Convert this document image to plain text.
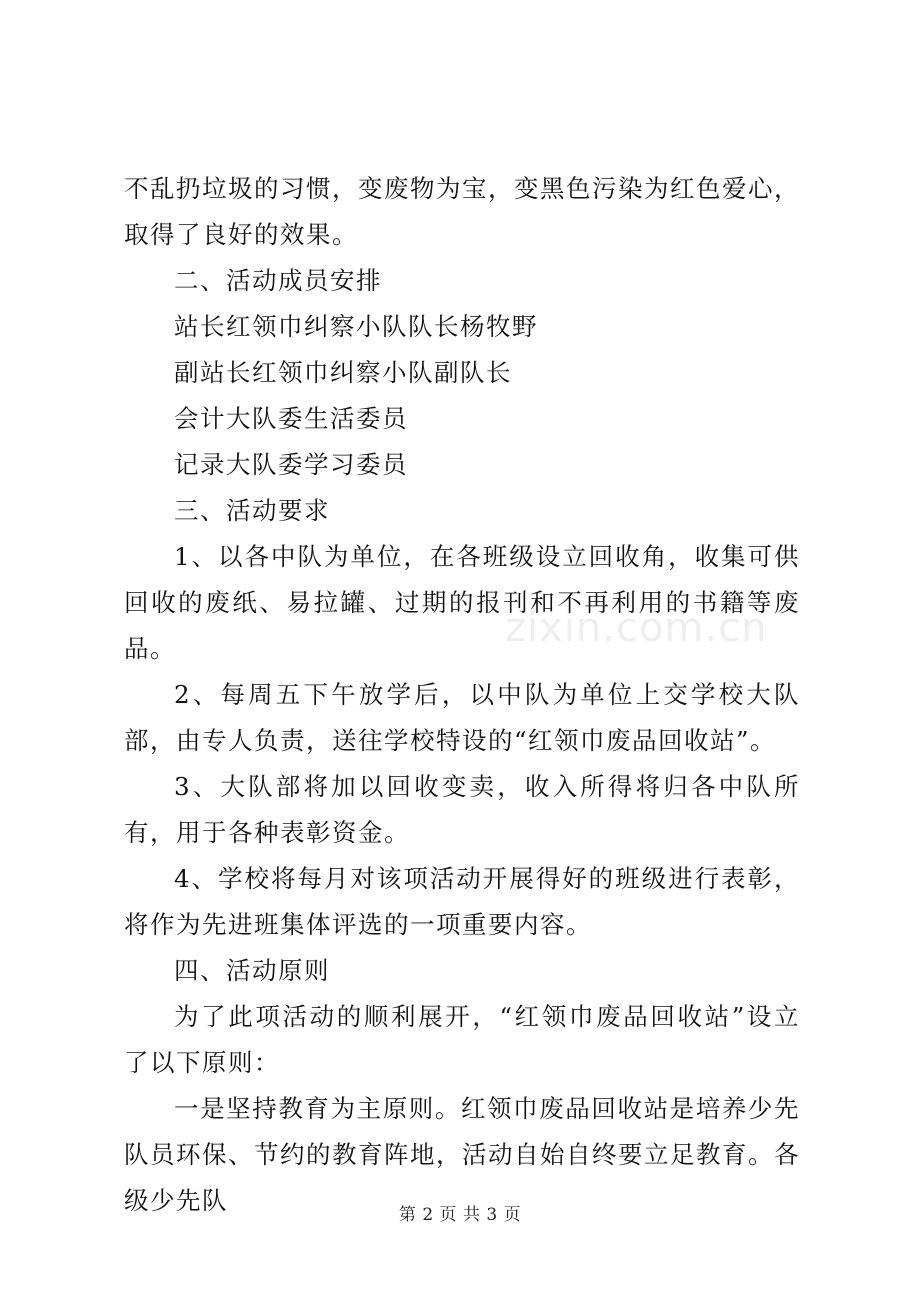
不乱扔垃圾的习惯，变废物为宝，变黑色污染为红色爱心，取得了良好的效果。

二、活动成员安排

站长红领巾纠察小队队长杨牧野

副站长红领巾纠察小队副队长

会计大队委生活委员

记录大队委学习委员

三、活动要求

1、以各中队为单位，在各班级设立回收角，收集可供回收的废纸、易拉罐、过期的报刊和不再利用的书籍等废品。

2、每周五下午放学后，以中队为单位上交学校大队部，由专人负责，送往学校特设的“红领巾废品回收站”。

3、大队部将加以回收变卖，收入所得将归各中队所有，用于各种表彰资金。

4、学校将每月对该项活动开展得好的班级进行表彰，将作为先进班集体评选的一项重要内容。

四、活动原则

为了此项活动的顺利展开，“红领巾废品回收站”设立了以下原则：

一是坚持教育为主原则。红领巾废品回收站是培养少先队员环保、节约的教育阵地，活动自始自终要立足教育。各级少先队

zixin.com.cn
第 2 页 共 3 页
